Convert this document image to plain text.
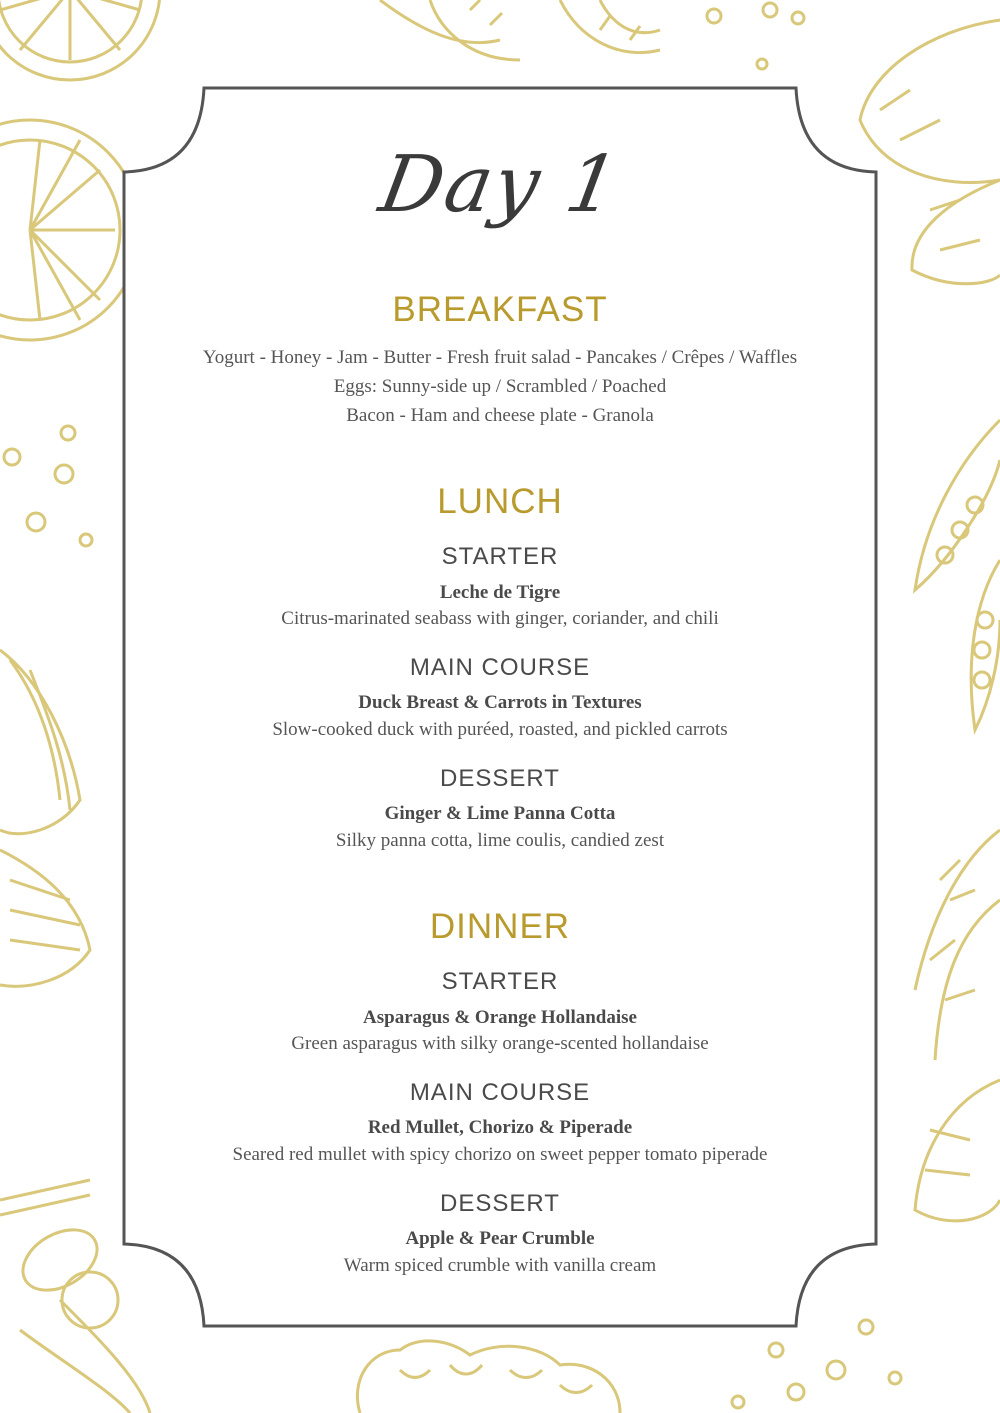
Day 1
BREAKFAST
Yogurt - Honey - Jam - Butter - Fresh fruit salad - Pancakes / Crêpes / Waffles
Eggs: Sunny-side up / Scrambled / Poached
Bacon - Ham and cheese plate - Granola
LUNCH
STARTER
Leche de Tigre
Citrus-marinated seabass with ginger, coriander, and chili
MAIN COURSE
Duck Breast & Carrots in Textures
Slow-cooked duck with puréed, roasted, and pickled carrots
DESSERT
Ginger & Lime Panna Cotta
Silky panna cotta, lime coulis, candied zest
DINNER
STARTER
Asparagus & Orange Hollandaise
Green asparagus with silky orange-scented hollandaise
MAIN COURSE
Red Mullet, Chorizo & Piperade
Seared red mullet with spicy chorizo on sweet pepper tomato piperade
DESSERT
Apple & Pear Crumble
Warm spiced crumble with vanilla cream
